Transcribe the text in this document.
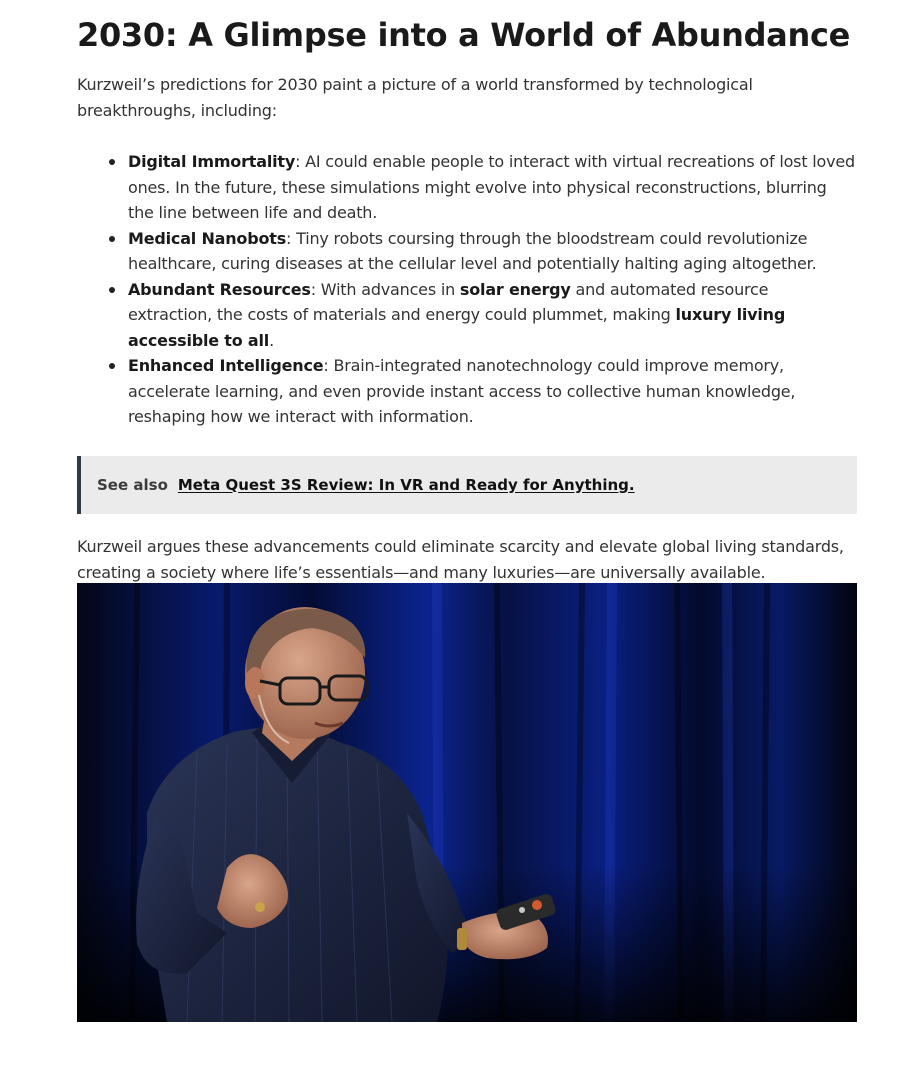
2030: A Glimpse into a World of Abundance

Kurzweil’s predictions for 2030 paint a picture of a world transformed by technological breakthroughs, including:

Digital Immortality: AI could enable people to interact with virtual recreations of lost loved ones. In the future, these simulations might evolve into physical reconstructions, blurring the line between life and death.
Medical Nanobots: Tiny robots coursing through the bloodstream could revolutionize healthcare, curing diseases at the cellular level and potentially halting aging altogether.
Abundant Resources: With advances in solar energy and automated resource extraction, the costs of materials and energy could plummet, making luxury living accessible to all.
Enhanced Intelligence: Brain-integrated nanotechnology could improve memory, accelerate learning, and even provide instant access to collective human knowledge, reshaping how we interact with information.
See also Meta Quest 3S Review: In VR and Ready for Anything.

Kurzweil argues these advancements could eliminate scarcity and elevate global living standards, creating a society where life’s essentials—and many luxuries—are universally available.
